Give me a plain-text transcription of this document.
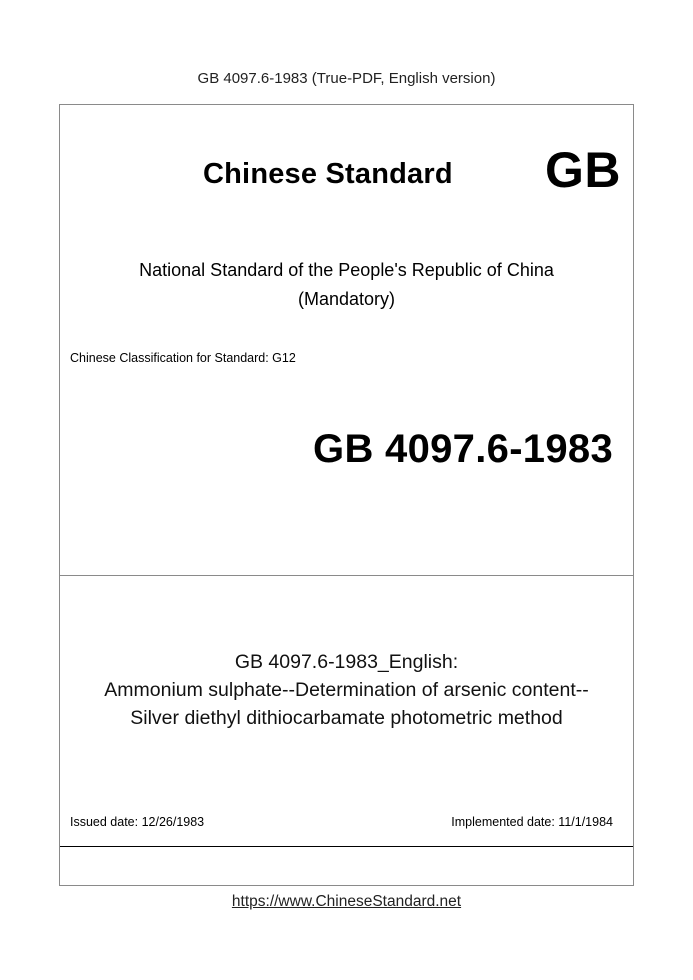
GB 4097.6-1983 (True-PDF, English version)
Chinese Standard GB
National Standard of the People's Republic of China
(Mandatory)
Chinese Classification for Standard: G12
GB 4097.6-1983
GB 4097.6-1983_English:
Ammonium sulphate--Determination of arsenic content--
Silver diethyl dithiocarbamate photometric method
Issued date: 12/26/1983	Implemented date: 11/1/1984
https://www.ChineseStandard.net
